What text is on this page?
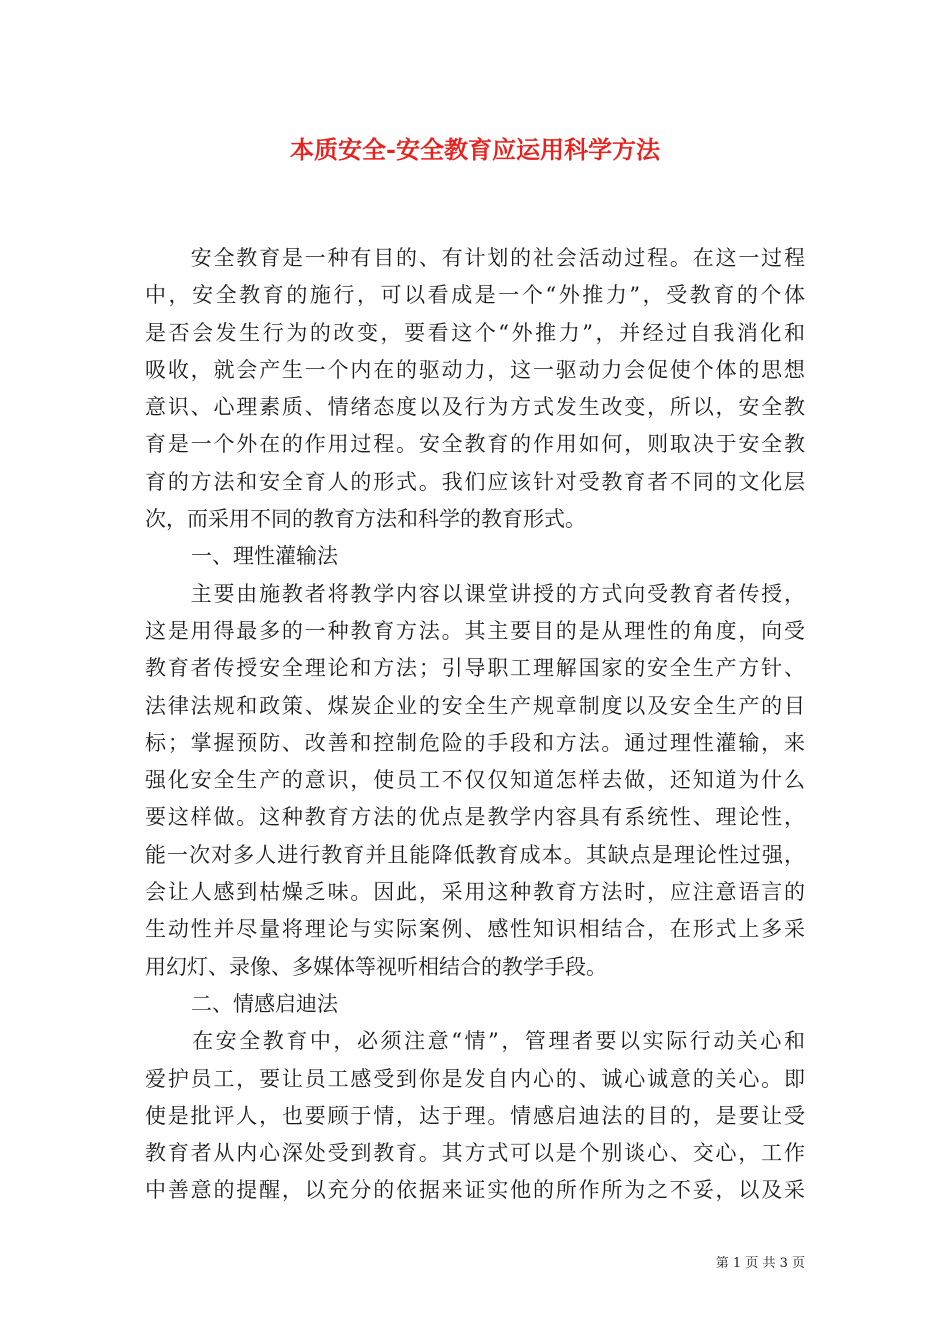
本质安全-安全教育应运用科学方法
　　安全教育是一种有目的、有计划的社会活动过程。在这一过程
中，安全教育的施行，可以看成是一个“外推力”，受教育的个体
是否会发生行为的改变，要看这个“外推力”，并经过自我消化和
吸收，就会产生一个内在的驱动力，这一驱动力会促使个体的思想
意识、心理素质、情绪态度以及行为方式发生改变，所以，安全教
育是一个外在的作用过程。安全教育的作用如何，则取决于安全教
育的方法和安全育人的形式。我们应该针对受教育者不同的文化层
次，而采用不同的教育方法和科学的教育形式。
一、理性灌输法
　　主要由施教者将教学内容以课堂讲授的方式向受教育者传授，
这是用得最多的一种教育方法。其主要目的是从理性的角度，向受
教育者传授安全理论和方法；引导职工理解国家的安全生产方针、
法律法规和政策、煤炭企业的安全生产规章制度以及安全生产的目
标；掌握预防、改善和控制危险的手段和方法。通过理性灌输，来
强化安全生产的意识，使员工不仅仅知道怎样去做，还知道为什么
要这样做。这种教育方法的优点是教学内容具有系统性、理论性，
能一次对多人进行教育并且能降低教育成本。其缺点是理论性过强，
会让人感到枯燥乏味。因此，采用这种教育方法时，应注意语言的
生动性并尽量将理论与实际案例、感性知识相结合，在形式上多采
用幻灯、录像、多媒体等视听相结合的教学手段。
二、情感启迪法
　　在安全教育中，必须注意“情”，管理者要以实际行动关心和
爱护员工，要让员工感受到你是发自内心的、诚心诚意的关心。即
使是批评人，也要顾于情，达于理。情感启迪法的目的，是要让受
教育者从内心深处受到教育。其方式可以是个别谈心、交心，工作
中善意的提醒，以充分的依据来证实他的所作所为之不妥，以及采
第 1 页 共 3 页
